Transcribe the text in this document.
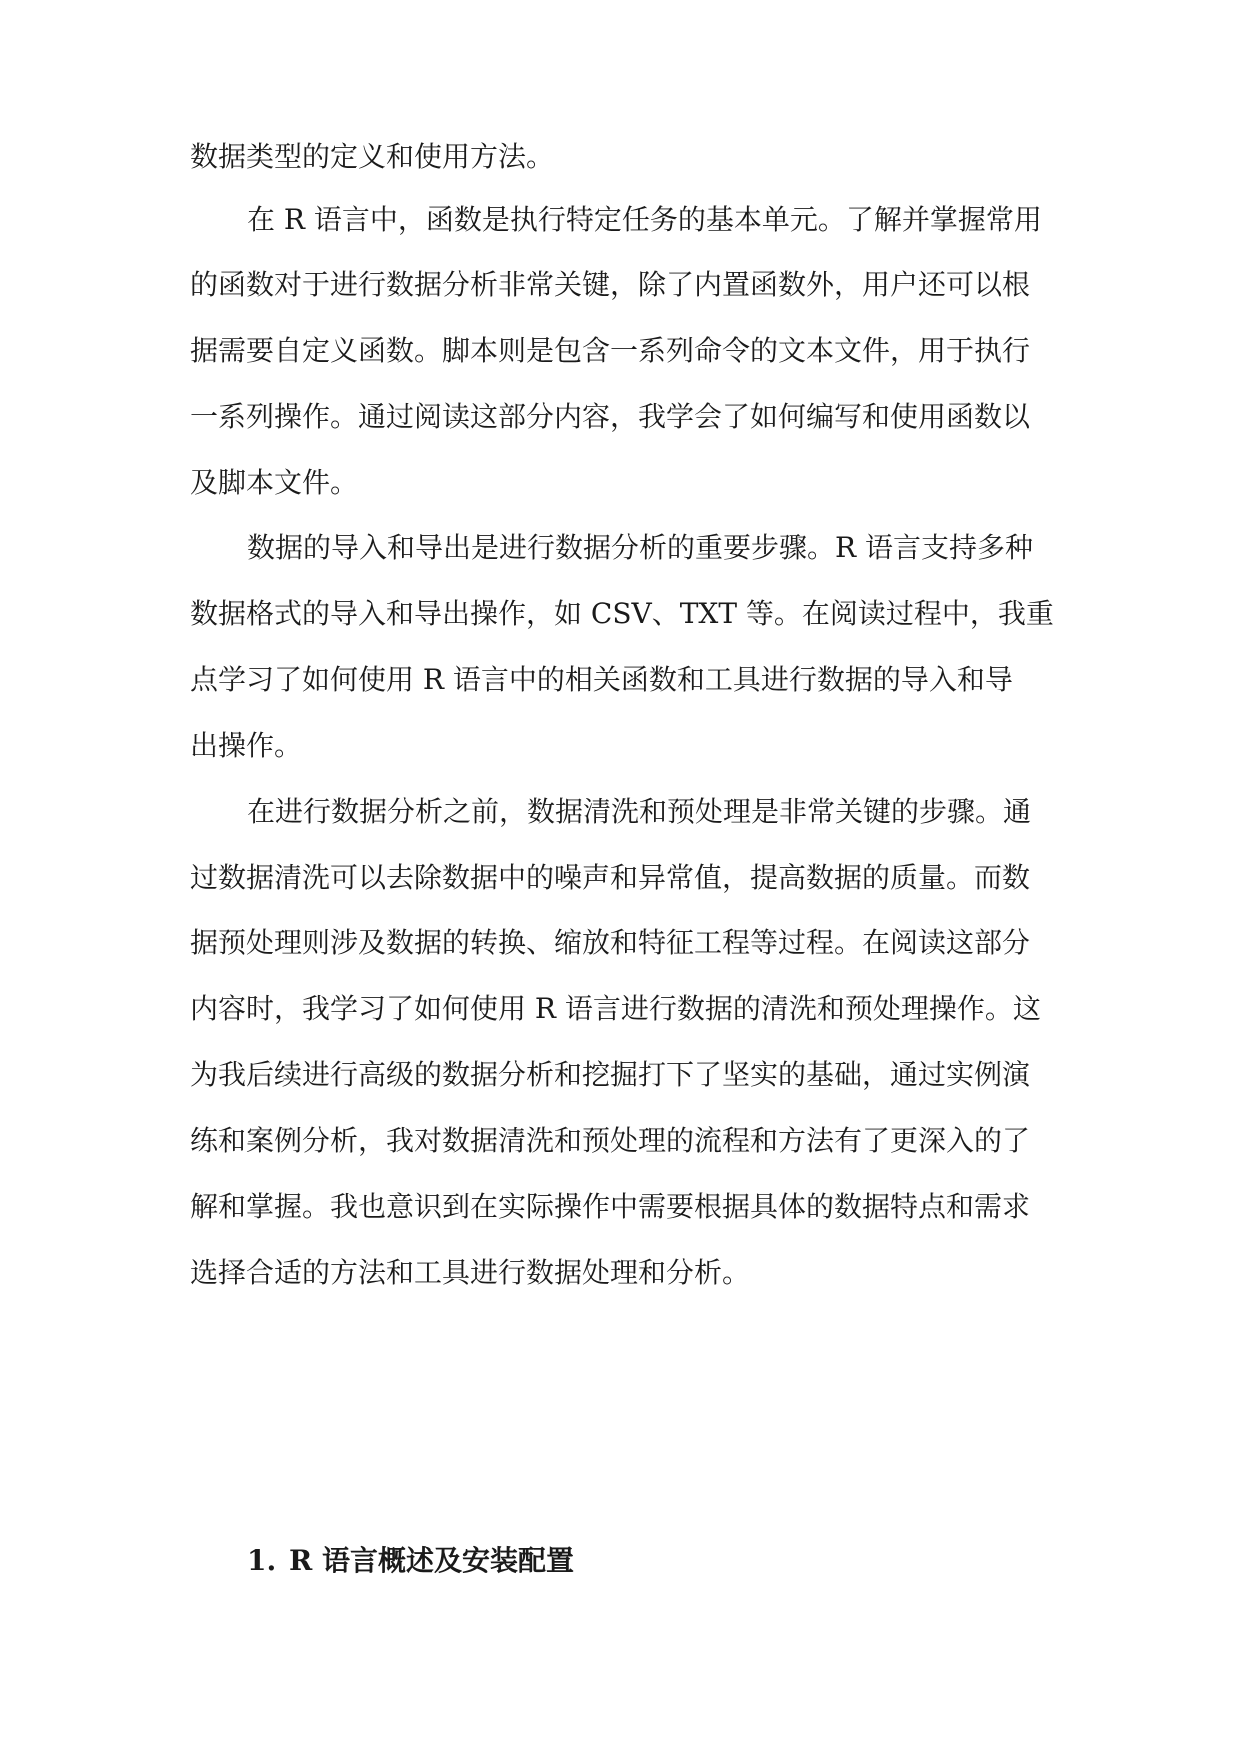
数据类型的定义和使用方法。
在 R 语言中，函数是执行特定任务的基本单元。了解并掌握常用
的函数对于进行数据分析非常关键，除了内置函数外，用户还可以根
据需要自定义函数。脚本则是包含一系列命令的文本文件，用于执行
一系列操作。通过阅读这部分内容，我学会了如何编写和使用函数以
及脚本文件。
数据的导入和导出是进行数据分析的重要步骤。R 语言支持多种
数据格式的导入和导出操作，如 CSV、TXT 等。在阅读过程中，我重
点学习了如何使用 R 语言中的相关函数和工具进行数据的导入和导
出操作。
在进行数据分析之前，数据清洗和预处理是非常关键的步骤。通
过数据清洗可以去除数据中的噪声和异常值，提高数据的质量。而数
据预处理则涉及数据的转换、缩放和特征工程等过程。在阅读这部分
内容时，我学习了如何使用 R 语言进行数据的清洗和预处理操作。这
为我后续进行高级的数据分析和挖掘打下了坚实的基础，通过实例演
练和案例分析，我对数据清洗和预处理的流程和方法有了更深入的了
解和掌握。我也意识到在实际操作中需要根据具体的数据特点和需求
选择合适的方法和工具进行数据处理和分析。
1. R 语言概述及安装配置
